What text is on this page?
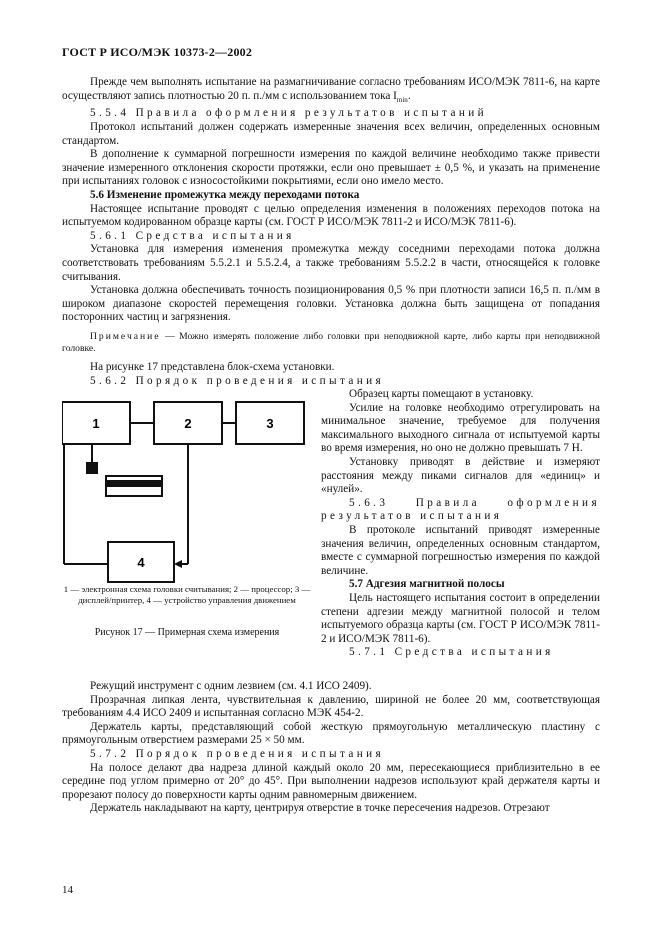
ГОСТ Р ИСО/МЭК 10373-2—2002

Прежде чем выполнять испытание на размагничивание согласно требованиям ИСО/МЭК 7811-6, на карте осуществляют запись плотностью 20 п. п./мм с использованием тока $I_{min}$.

5.5.4 Правила оформления результатов испытаний

Протокол испытаний должен содержать измеренные значения всех величин, определенных основным стандартом.

В дополнение к суммарной погрешности измерения по каждой величине необходимо также привести значение измеренного отклонения скорости протяжки, если оно превышает ± 0,5 %, и указать на применение при испытаниях головок с износостойкими покрытиями, если оно имело место.

5.6 Изменение промежутка между переходами потока

Настоящее испытание проводят с целью определения изменения в положениях переходов потока на испытуемом кодированном образце карты (см. ГОСТ Р ИСО/МЭК 7811-2 и ИСО/МЭК 7811-6).

5.6.1 Средства испытания

Установка для измерения изменения промежутка между соседними переходами потока должна соответствовать требованиям 5.5.2.1 и 5.5.2.4, а также требованиям 5.5.2.2 в части, относящейся к головке считывания.

Установка должна обеспечивать точность позиционирования 0,5 % при плотности записи 16,5 п. п./мм в широком диапазоне скоростей перемещения головки. Установка должна быть защищена от попадания посторонних частиц и загрязнения.

Примечание — Можно измерять положение либо головки при неподвижной карте, либо карты при неподвижной головке.

На рисунке 17 представлена блок-схема установки.

5.6.2 Порядок проведения испытания

1	2	3
4
1 — электронная схема головки считывания; 2 — процессор; 3 — дисплей/принтер, 4 — устройство управления движением
Рисунок 17 — Примерная схема измерения

Образец карты помещают в установку.

Усилие на головке необходимо отрегулировать на минимальное значение, требуемое для получения максимального выходного сигнала от испытуемой карты во время измерения, но оно не должно превышать 7 Н.

Установку приводят в действие и измеряют расстояния между пиками сигналов для «единиц» и «нулей».

5.6.3 Правила оформления результатов испытания

В протоколе испытаний приводят измеренные значения величин, определенных основным стандартом, вместе с суммарной погрешностью измерения по каждой величине.

5.7 Адгезия магнитной полосы

Цель настоящего испытания состоит в определении степени адгезии между магнитной полосой и телом испытуемого образца карты (см. ГОСТ Р ИСО/МЭК 7811-2 и ИСО/МЭК 7811-6).

5.7.1 Средства испытания

Режущий инструмент с одним лезвием (см. 4.1 ИСО 2409).

Прозрачная липкая лента, чувствительная к давлению, шириной не более 20 мм, соответствующая требованиям 4.4 ИСО 2409 и испытанная согласно МЭК 454-2.

Держатель карты, представляющий собой жесткую прямоугольную металлическую пластину с прямоугольным отверстием размерами 25 × 50 мм.

5.7.2 Порядок проведения испытания

На полосе делают два надреза длиной каждый около 20 мм, пересекающиеся приблизительно в ее середине под углом примерно от 20° до 45°. При выполнении надрезов используют край держателя карты и прорезают полосу до поверхности карты одним равномерным движением.

Держатель накладывают на карту, центрируя отверстие в точке пересечения надрезов. Отрезают

14
